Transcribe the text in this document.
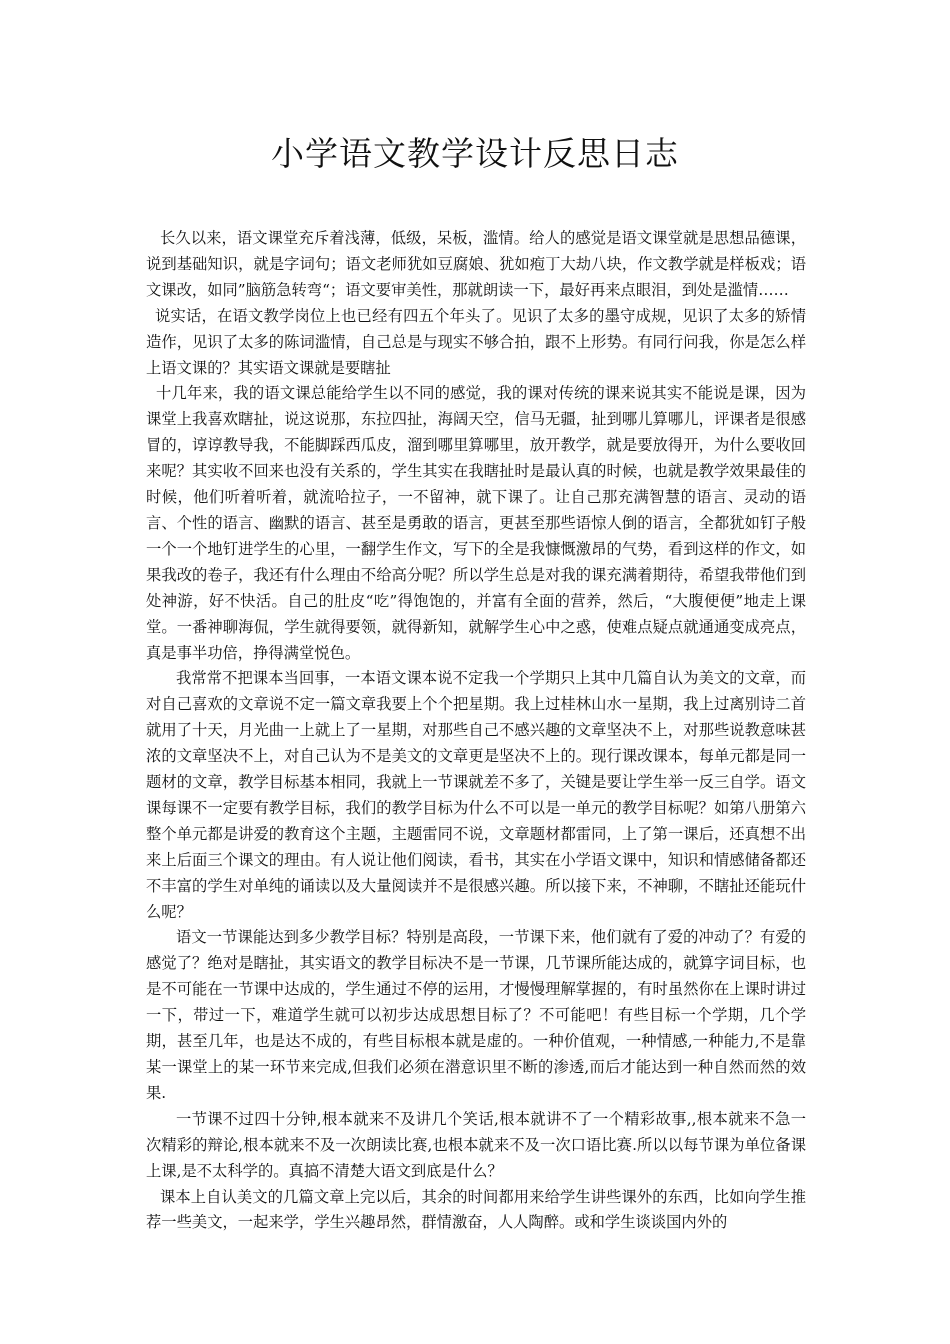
小学语文教学设计反思日志

长久以来，语文课堂充斥着浅薄，低级，呆板，滥情。给人的感觉是语文课堂就是思想品德课，说到基础知识，就是字词句；语文老师犹如豆腐娘、犹如疱丁大劫八块，作文教学就是样板戏；语文课改，如同”脑筋急转弯“；语文要审美性，那就朗读一下，最好再来点眼泪，到处是滥情……

说实话，在语文教学岗位上也已经有四五个年头了。见识了太多的墨守成规，见识了太多的矫情造作，见识了太多的陈词滥情，自己总是与现实不够合拍，跟不上形势。有同行问我，你是怎么样上语文课的？其实语文课就是要瞎扯

十几年来，我的语文课总能给学生以不同的感觉，我的课对传统的课来说其实不能说是课，因为课堂上我喜欢瞎扯，说这说那，东拉四扯，海阔天空，信马无疆，扯到哪儿算哪儿，评课者是很感冒的，谆谆教导我，不能脚踩西瓜皮，溜到哪里算哪里，放开教学，就是要放得开，为什么要收回来呢？其实收不回来也没有关系的，学生其实在我瞎扯时是最认真的时候，也就是教学效果最佳的时候，他们听着听着，就流哈拉子，一不留神，就下课了。让自己那充满智慧的语言、灵动的语言、个性的语言、幽默的语言、甚至是勇敢的语言，更甚至那些语惊人倒的语言，全都犹如钉子般一个一个地钉进学生的心里，一翻学生作文，写下的全是我慷慨激昂的气势，看到这样的作文，如果我改的卷子，我还有什么理由不给高分呢？所以学生总是对我的课充满着期待，希望我带他们到处神游，好不快活。自己的肚皮“吃”得饱饱的，并富有全面的营养，然后，“大腹便便”地走上课堂。一番神聊海侃，学生就得要领，就得新知，就解学生心中之惑，使难点疑点就通通变成亮点，真是事半功倍，挣得满堂悦色。

我常常不把课本当回事，一本语文课本说不定我一个学期只上其中几篇自认为美文的文章，而对自己喜欢的文章说不定一篇文章我要上个个把星期。我上过桂林山水一星期，我上过离别诗二首就用了十天，月光曲一上就上了一星期，对那些自己不感兴趣的文章坚决不上，对那些说教意味甚浓的文章坚决不上，对自己认为不是美文的文章更是坚决不上的。现行课改课本，每单元都是同一题材的文章，教学目标基本相同，我就上一节课就差不多了，关键是要让学生举一反三自学。语文课每课不一定要有教学目标，我们的教学目标为什么不可以是一单元的教学目标呢？如第八册第六整个单元都是讲爱的教育这个主题，主题雷同不说，文章题材都雷同，上了第一课后，还真想不出来上后面三个课文的理由。有人说让他们阅读，看书，其实在小学语文课中，知识和情感储备都还不丰富的学生对单纯的诵读以及大量阅读并不是很感兴趣。所以接下来，不神聊，不瞎扯还能玩什么呢？

语文一节课能达到多少教学目标？特别是高段，一节课下来，他们就有了爱的冲动了？有爱的感觉了？绝对是瞎扯，其实语文的教学目标决不是一节课，几节课所能达成的，就算字词目标，也是不可能在一节课中达成的，学生通过不停的运用，才慢慢理解掌握的，有时虽然你在上课时讲过一下，带过一下，难道学生就可以初步达成思想目标了？不可能吧！有些目标一个学期，几个学期，甚至几年，也是达不成的，有些目标根本就是虚的。一种价值观，一种情感,一种能力,不是靠某一课堂上的某一环节来完成,但我们必须在潜意识里不断的渗透,而后才能达到一种自然而然的效果.

一节课不过四十分钟,根本就来不及讲几个笑话,根本就讲不了一个精彩故事,,根本就来不急一次精彩的辩论,根本就来不及一次朗读比赛,也根本就来不及一次口语比赛.所以以每节课为单位备课上课,是不太科学的。真搞不清楚大语文到底是什么？

课本上自认美文的几篇文章上完以后，其余的时间都用来给学生讲些课外的东西，比如向学生推荐一些美文，一起来学，学生兴趣昂然，群情激奋，人人陶醉。或和学生谈谈国内外的
